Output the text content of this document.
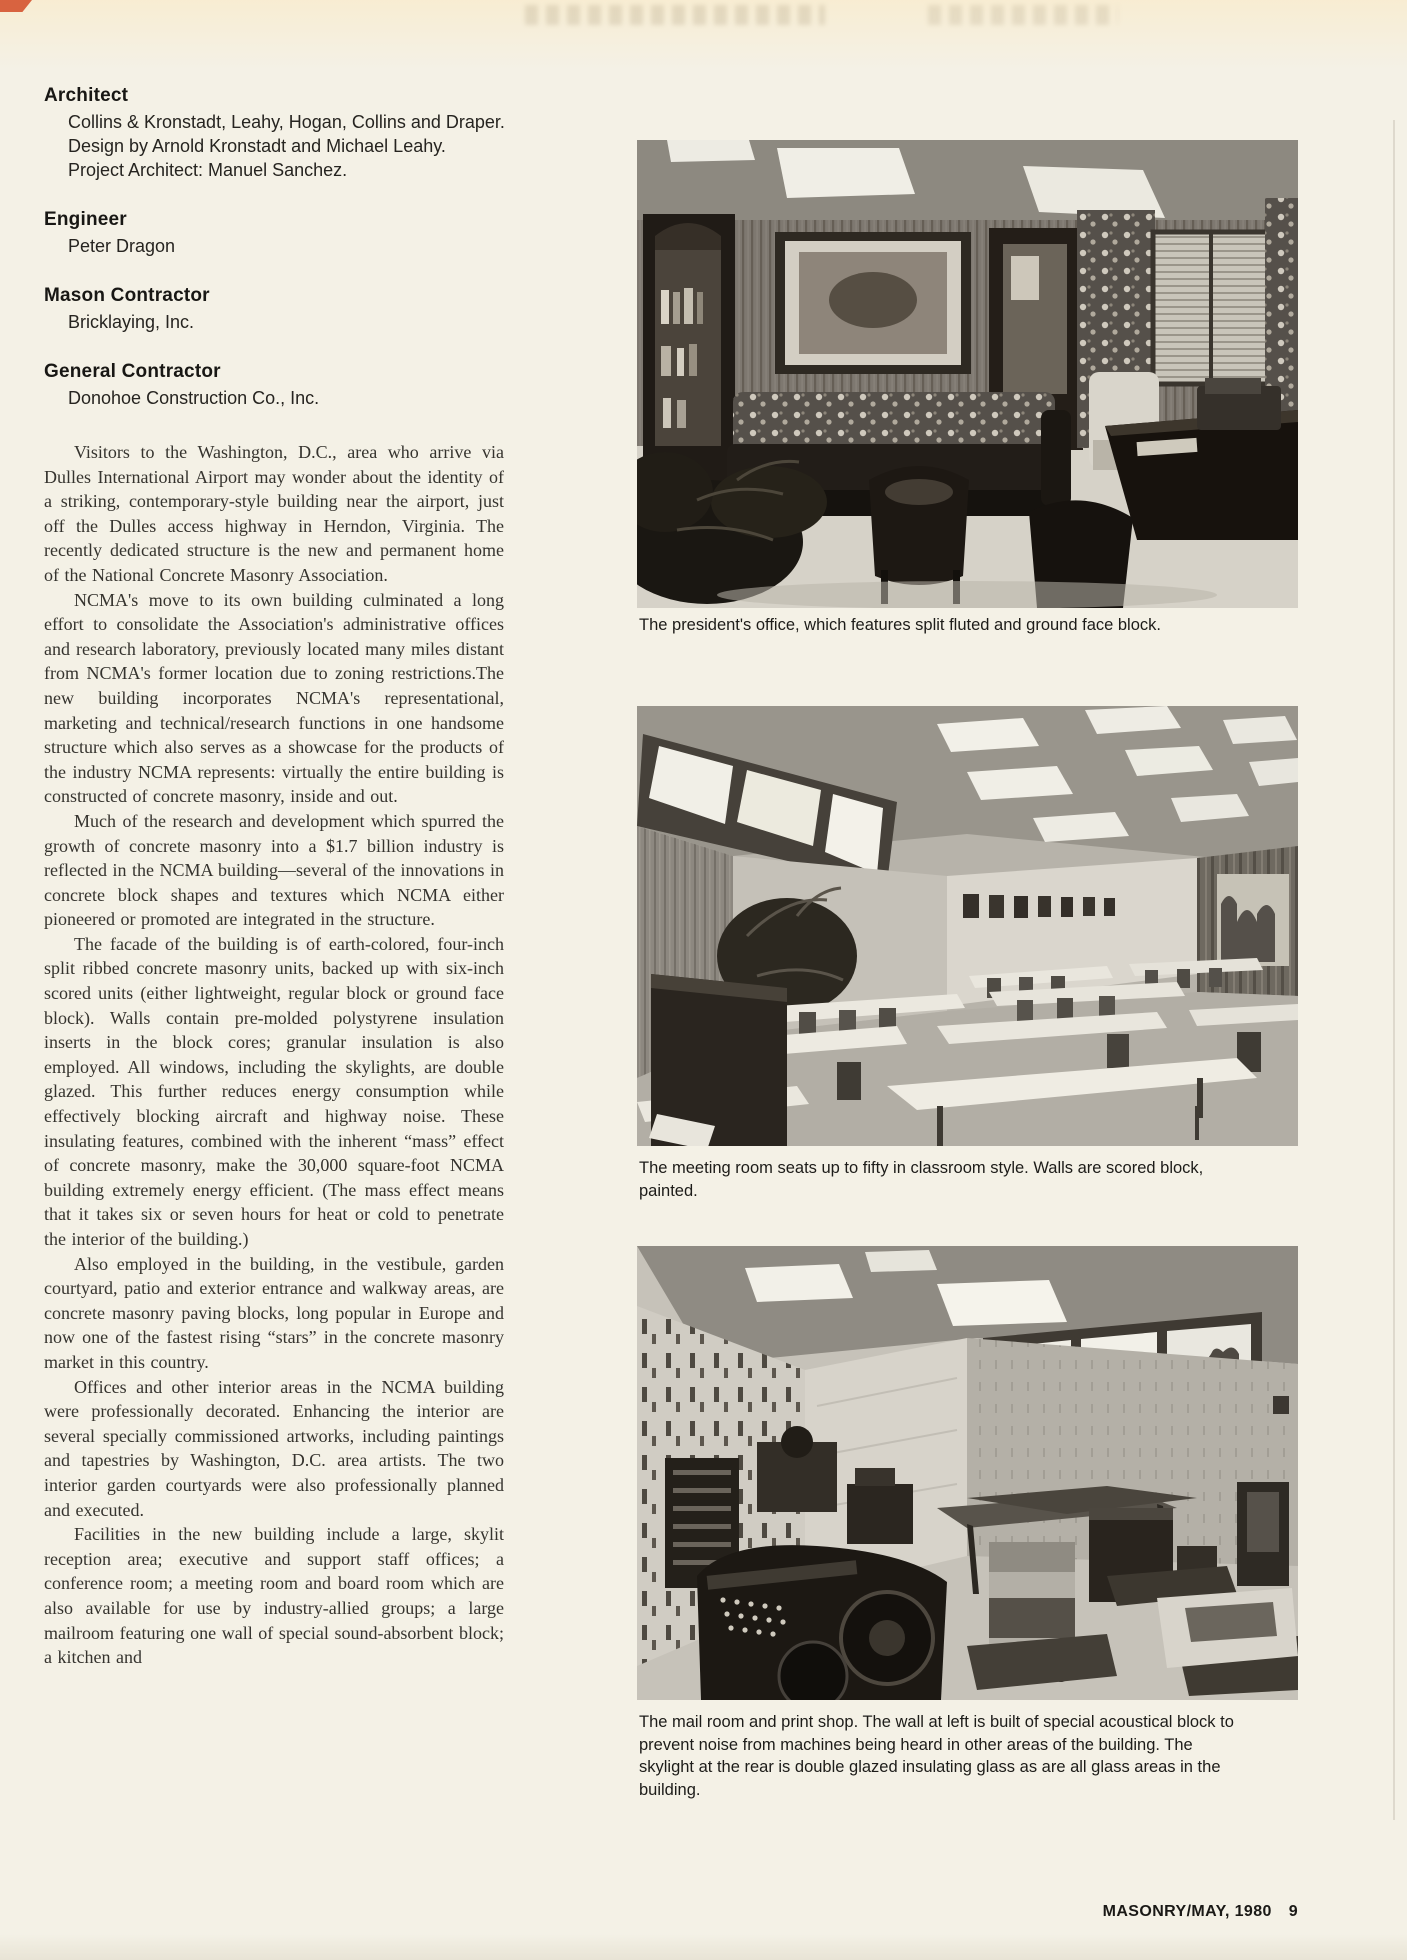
Architect

Collins & Kronstadt, Leahy, Hogan, Collins and Draper. Design by Arnold Kronstadt and Michael Leahy. Project Architect: Manuel Sanchez.

Engineer

Peter Dragon

Mason Contractor

Bricklaying, Inc.

General Contractor

Donohoe Construction Co., Inc.

Visitors to the Washington, D.C., area who arrive via Dulles International Airport may wonder about the identity of a striking, contemporary-style building near the airport, just off the Dulles access highway in Herndon, Virginia. The recently dedicated structure is the new and permanent home of the National Concrete Masonry Association.

NCMA's move to its own building culminated a long effort to consolidate the Association's administrative offices and research laboratory, previously located many miles distant from NCMA's former location due to zoning restrictions.The new building incorporates NCMA's representational, marketing and technical/research functions in one handsome structure which also serves as a showcase for the products of the industry NCMA represents: virtually the entire building is constructed of concrete masonry, inside and out.

Much of the research and development which spurred the growth of concrete masonry into a $1.7 billion industry is reflected in the NCMA building—several of the innovations in concrete block shapes and textures which NCMA either pioneered or promoted are integrated in the structure.

The facade of the building is of earth-colored, four-inch split ribbed concrete masonry units, backed up with six-inch scored units (either lightweight, regular block or ground face block). Walls contain pre-molded polystyrene insulation inserts in the block cores; granular insulation is also employed. All windows, including the skylights, are double glazed. This further reduces energy consumption while effectively blocking aircraft and highway noise. These insulating features, combined with the inherent “mass” effect of concrete masonry, make the 30,000 square-foot NCMA building extremely energy efficient. (The mass effect means that it takes six or seven hours for heat or cold to penetrate the interior of the building.)

Also employed in the building, in the vestibule, garden courtyard, patio and exterior entrance and walkway areas, are concrete masonry paving blocks, long popular in Europe and now one of the fastest rising “stars” in the concrete masonry market in this country.

Offices and other interior areas in the NCMA building were professionally decorated. Enhancing the interior are several specially commissioned artworks, including paintings and tapestries by Washington, D.C. area artists. The two interior garden courtyards were also professionally planned and executed.

Facilities in the new building include a large, skylit reception area; executive and support staff offices; a conference room; a meeting room and board room which are also available for use by industry-allied groups; a large mailroom featuring one wall of special sound-absorbent block; a kitchen and

The president's office, which features split fluted and ground face block.
The meeting room seats up to fifty in classroom style. Walls are scored block, painted.
The mail room and print shop. The wall at left is built of special acoustical block to prevent noise from machines being heard in other areas of the building. The skylight at the rear is double glazed insulating glass as are all glass areas in the building.
MASONRY/MAY, 1980 9
